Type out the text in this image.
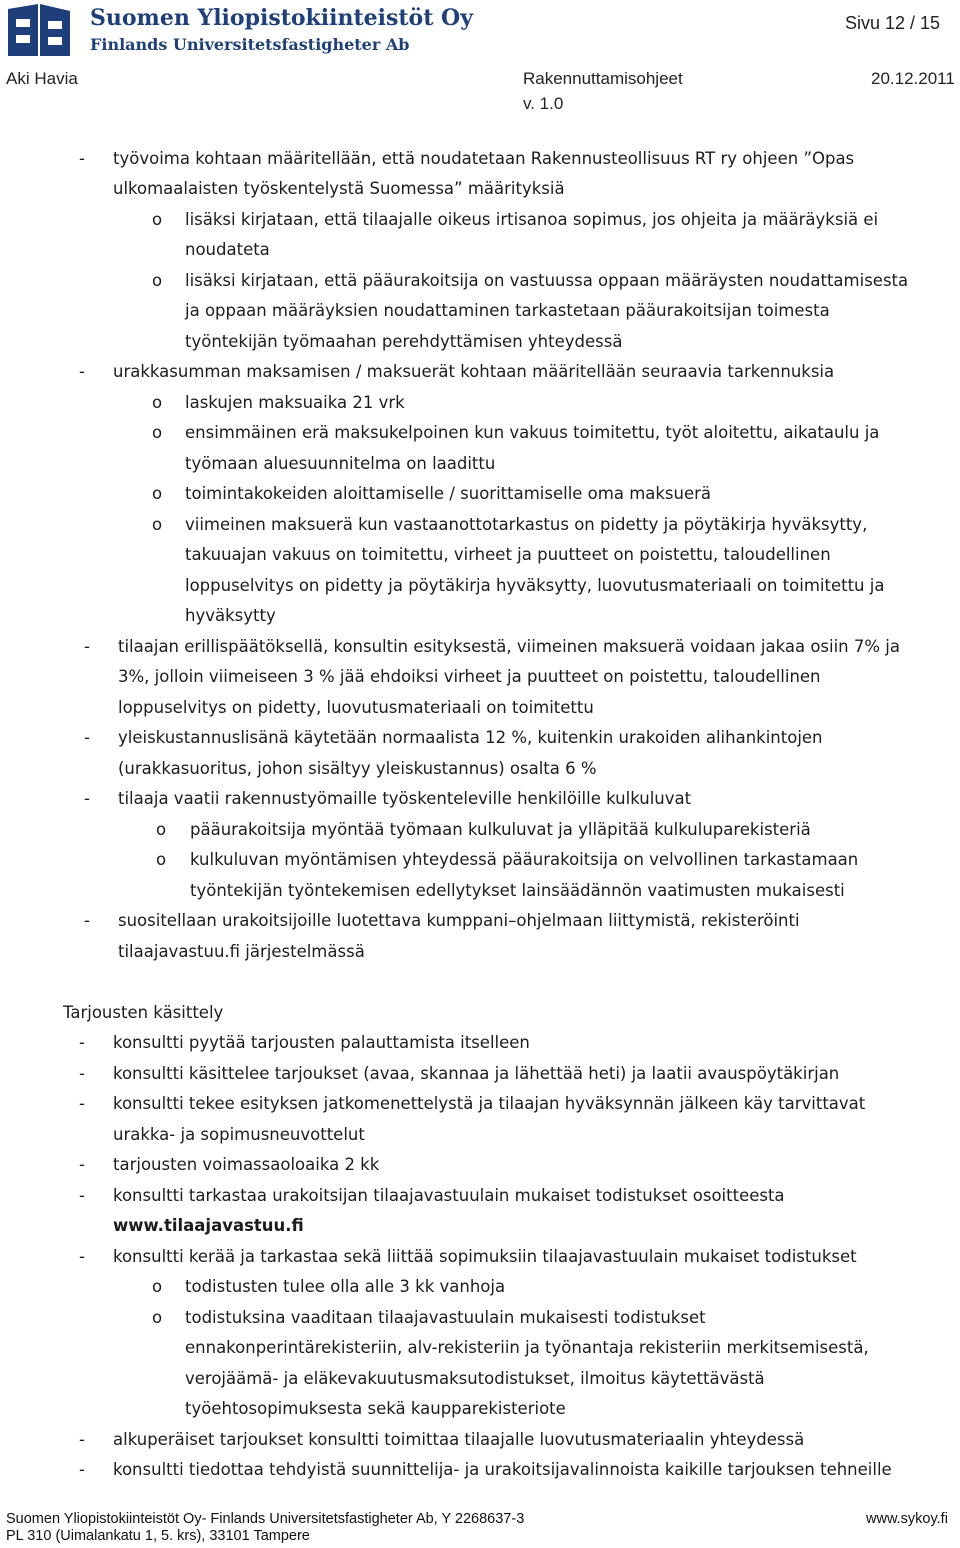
Suomen Yliopistokiinteistöt Oy
Finlands Universitetsfastigheter Ab
Sivu 12 / 15
Aki Havia	Rakennuttamisohjeet	20.12.2011
v. 1.0
- työvoima kohtaan määritellään, että noudatetaan Rakennusteollisuus RT ry ohjeen ”Opas
ulkomaalaisten työskentelystä Suomessa” määrityksiä
o lisäksi kirjataan, että tilaajalle oikeus irtisanoa sopimus, jos ohjeita ja määräyksiä ei
noudateta
o lisäksi kirjataan, että pääurakoitsija on vastuussa oppaan määräysten noudattamisesta
ja oppaan määräyksien noudattaminen tarkastetaan pääurakoitsijan toimesta
työntekijän työmaahan perehdyttämisen yhteydessä
- urakkasumman maksamisen / maksuerät kohtaan määritellään seuraavia tarkennuksia
o laskujen maksuaika 21 vrk
o ensimmäinen erä maksukelpoinen kun vakuus toimitettu, työt aloitettu, aikataulu ja
työmaan aluesuunnitelma on laadittu
o toimintakokeiden aloittamiselle / suorittamiselle oma maksuerä
o viimeinen maksuerä kun vastaanottotarkastus on pidetty ja pöytäkirja hyväksytty,
takuuajan vakuus on toimitettu, virheet ja puutteet on poistettu, taloudellinen
loppuselvitys on pidetty ja pöytäkirja hyväksytty, luovutusmateriaali on toimitettu ja
hyväksytty
- tilaajan erillispäätöksellä, konsultin esityksestä, viimeinen maksuerä voidaan jakaa osiin 7% ja
3%, jolloin viimeiseen 3 % jää ehdoiksi virheet ja puutteet on poistettu, taloudellinen
loppuselvitys on pidetty, luovutusmateriaali on toimitettu
- yleiskustannuslisänä käytetään normaalista 12 %, kuitenkin urakoiden alihankintojen
(urakkasuoritus, johon sisältyy yleiskustannus) osalta 6 %
- tilaaja vaatii rakennustyömaille työskenteleville henkilöille kulkuluvat
o pääurakoitsija myöntää työmaan kulkuluvat ja ylläpitää kulkuluparekisteriä
o kulkuluvan myöntämisen yhteydessä pääurakoitsija on velvollinen tarkastamaan
työntekijän työntekemisen edellytykset lainsäädännön vaatimusten mukaisesti
- suositellaan urakoitsijoille luotettava kumppani–ohjelmaan liittymistä, rekisteröinti
tilaajavastuu.fi järjestelmässä
Tarjousten käsittely
- konsultti pyytää tarjousten palauttamista itselleen
- konsultti käsittelee tarjoukset (avaa, skannaa ja lähettää heti) ja laatii avauspöytäkirjan
- konsultti tekee esityksen jatkomenettelystä ja tilaajan hyväksynnän jälkeen käy tarvittavat
urakka- ja sopimusneuvottelut
- tarjousten voimassaoloaika 2 kk
- konsultti tarkastaa urakoitsijan tilaajavastuulain mukaiset todistukset osoitteesta
www.tilaajavastuu.fi
- konsultti kerää ja tarkastaa sekä liittää sopimuksiin tilaajavastuulain mukaiset todistukset
o todistusten tulee olla alle 3 kk vanhoja
o todistuksina vaaditaan tilaajavastuulain mukaisesti todistukset
ennakonperintärekisteriin, alv-rekisteriin ja työnantaja rekisteriin merkitsemisestä,
verojäämä- ja eläkevakuutusmaksutodistukset, ilmoitus käytettävästä
työehtosopimuksesta sekä kaupparekisteriote
- alkuperäiset tarjoukset konsultti toimittaa tilaajalle luovutusmateriaalin yhteydessä
- konsultti tiedottaa tehdyistä suunnittelija- ja urakoitsijavalinnoista kaikille tarjouksen tehneille
Suomen Yliopistokiinteistöt Oy- Finlands Universitetsfastigheter Ab, Y 2268637-3
PL 310 (Uimalankatu 1, 5. krs), 33101 Tampere
www.sykoy.fi
